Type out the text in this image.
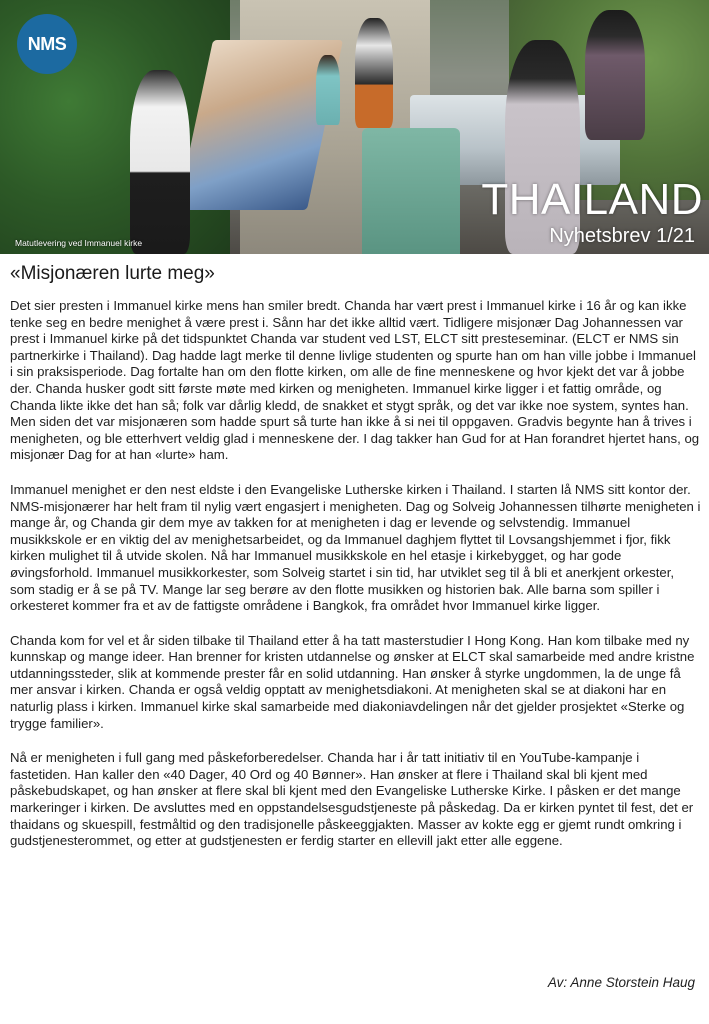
NMS
Matutlevering ved Immanuel kirke
THAILAND
Nyhetsbrev 1/21
«Misjonæren lurte meg»

Det sier presten i Immanuel kirke mens han smiler bredt. Chanda har vært prest i Immanuel kirke i 16 år og kan ikke tenke seg en bedre menighet å være prest i. Sånn har det ikke alltid vært. Tidligere misjonær Dag Johannessen var prest i Immanuel kirke på det tidspunktet Chanda var student ved LST, ELCT sitt presteseminar. (ELCT er NMS sin partnerkirke i Thailand). Dag hadde lagt merke til denne livlige studenten og spurte han om han ville jobbe i Immanuel i sin praksisperiode. Dag fortalte han om den flotte kirken, om alle de fine menneskene og hvor kjekt det var å jobbe der. Chanda husker godt sitt første møte med kirken og menigheten. Immanuel kirke ligger i et fattig område, og Chanda likte ikke det han så; folk var dårlig kledd, de snakket et stygt språk, og det var ikke noe system, syntes han. Men siden det var misjonæren som hadde spurt så turte han ikke å si nei til oppgaven. Gradvis begynte han å trives i menigheten, og ble etterhvert veldig glad i menneskene der. I dag takker han Gud for at Han forandret hjertet hans, og misjonær Dag for at han «lurte» ham.

Immanuel menighet er den nest eldste i den Evangeliske Lutherske kirken i Thailand. I starten lå NMS sitt kontor der. NMS-misjonærer har helt fram til nylig vært engasjert i menigheten. Dag og Solveig Johannessen tilhørte menigheten i mange år, og Chanda gir dem mye av takken for at menigheten i dag er levende og selvstendig. Immanuel musikkskole er en viktig del av menighetsarbeidet, og da Immanuel daghjem flyttet til Lovsangshjemmet i fjor, fikk kirken mulighet til å utvide skolen. Nå har Immanuel musikkskole en hel etasje i kirkebygget, og har gode øvingsforhold. Immanuel musikkorkester, som Solveig startet i sin tid, har utviklet seg til å bli et anerkjent orkester, som stadig er å se på TV. Mange lar seg berøre av den flotte musikken og historien bak. Alle barna som spiller i orkesteret kommer fra et av de fattigste områdene i Bangkok, fra området hvor Immanuel kirke ligger.

Chanda kom for vel et år siden tilbake til Thailand etter å ha tatt masterstudier I Hong Kong. Han kom tilbake med ny kunnskap og mange ideer. Han brenner for kristen utdannelse og ønsker at ELCT skal samarbeide med andre kristne utdanningssteder, slik at kommende prester får en solid utdanning. Han ønsker å styrke ungdommen, la de unge få mer ansvar i kirken. Chanda er også veldig opptatt av menighetsdiakoni. At menigheten skal se at diakoni har en naturlig plass i kirken. Immanuel kirke skal samarbeide med diakoniavdelingen når det gjelder prosjektet «Sterke og trygge familier».

Nå er menigheten i full gang med påskeforberedelser. Chanda har i år tatt initiativ til en YouTube-kampanje i fastetiden. Han kaller den «40 Dager, 40 Ord og 40 Bønner». Han ønsker at flere i Thailand skal bli kjent med påskebudskapet, og han ønsker at flere skal bli kjent med den Evangeliske Lutherske Kirke. I påsken er det mange markeringer i kirken. De avsluttes med en oppstandelsesgudstjeneste på påskedag. Da er kirken pyntet til fest, det er thaidans og skuespill, festmåltid og den tradisjonelle påskeeggjakten. Masser av kokte egg er gjemt rundt omkring i gudstjenesterommet, og etter at gudstjenesten er ferdig starter en ellevill jakt etter alle eggene.

Av: Anne Storstein Haug
